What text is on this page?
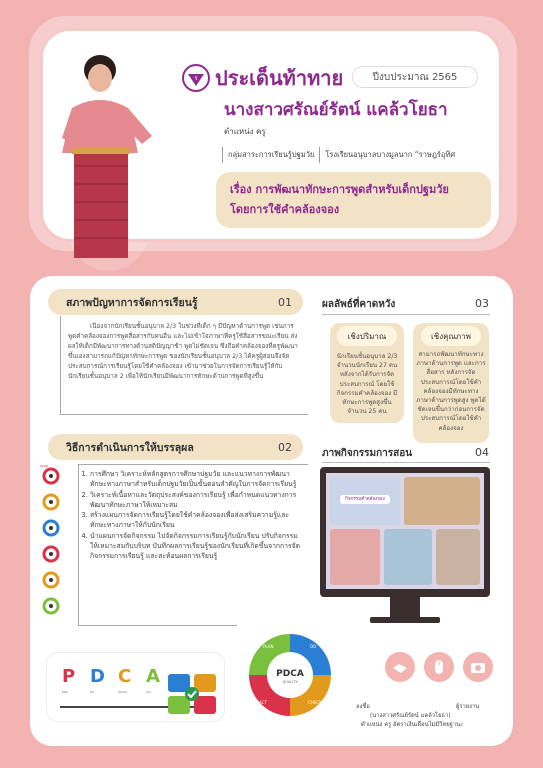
ร ประเด็นท้าทาย	ปีงบประมาณ 2565
นางสาวศรัณย์รัตน์ แคล้วโยธา
ตำแหน่ง ครู
กลุ่มสาระการเรียนรู้ปฐมวัย	โรงเรียนอนุบาลบางมูลนาก “ราษฎร์อุทิศ
เรื่อง การพัฒนาทักษะการพูดสำหรับเด็กปฐมวัย
โดยการใช้คำคล้องจอง
สภาพปัญหาการจัดการเรียนรู้	01
เนื่องจากนักเรียนชั้นอนุบาล 2/3 ในช่วงที่เด็ก ๆ มีปัญหาด้านการพูด เช่นการพูดคำคล้องจองการพูดสื่อสารกับคนอื่น และไม่เข้าใจภาษาที่ครูใช้สื่อสารขณะเรียน ส่งผลให้เด็กมีพัฒนาการทางด้านสติปัญญาช้า พูดไม่ชัดเจน ซึ่งถือคำคล้องจองที่ครูพัฒนาขึ้นเองสามารถแก้ปัญหาทักษะการพูด ของนักเรียนชั้นอนุบาล 2/3 ได้ครูผู้สอนจึงจัดประสบการณ์การเรียนรู้โดยใช้คำคล้องจอง เข้ามาช่วยในการจัดการเรียนรู้ให้กับนักเรียนชั้นอนุบาล 2 เพื่อให้นักเรียนมีพัฒนาการทักษะด้านการพูดที่สูงขึ้น
วิธีการดำเนินการให้บรรลุผล	02
PLAN
1. การศึกษา วิเคราะห์หลักสูตรการศึกษาปฐมวัย และแนวทางการพัฒนาทักษะทางภาษาสำหรับเด็กปฐมวัยเป็นขั้นตอนสำคัญในการจัดการเรียนรู้
2. วิเคราะห์เนื้อหาและวัตถุประสงค์ของการเรียนรู้ เพื่อกำหนดแนวทางการพัฒนาทักษะภาษาให้เหมาะสม
3. สร้างแผนการจัดการเรียนรู้โดยใช้คำคล้องจองเพื่อส่งเสริมความรู้และทักษะทางภาษาให้กับนักเรียน
4. นำแผนการจัดกิจกรรม ไปจัดกิจกรรมการเรียนรู้กับนักเรียน ปรับกิจกรรมให้เหมาะสมกับบริบท บันทึกผลการเรียนรู้ของนักเรียนที่เกิดขึ้นจากการจัดกิจกรรมการเรียนรู้ และสะท้อนผลการเรียนรู้
ผลลัพธ์ที่คาดหวัง	03
เชิงปริมาณ
นักเรียนชั้นอนุบาล 2/3 จำนวนนักเรียน 27 คน หลังจากได้รับการจัดประสบการณ์ โดยใช้กิจกรรมคำคล้องจอง มีทักษะการพูดสูงขึ้นจำนวน 25 คน
เชิงคุณภาพ
สามารถพัฒนาทักษะทางภาษาด้านการพูด และการสื่อสาร หลังการจัดประสบการณ์โดยใช้คำคล้องจองมีทักษะทางภาษาด้านการพูดสูง พูดได้ชัดเจนขึ้นกว่าก่อนการจัดประสบการณ์โดยใช้คำคล้องจอง
ภาพกิจกรรมการสอน	04
กิจกรรมคำคล้องจอง
P D C A
Plan	Do	Check	Act
PDCA
QUALITY
DO
PLAN
CHECK
ACT
ลงชื่อ	ผู้รายงาน
(นางสาวศรัณย์รัตน์ แคล้วโยธา)
ตำแหน่ง ครู อัตราเงินเดือนไม่มีวิทยฐานะ
